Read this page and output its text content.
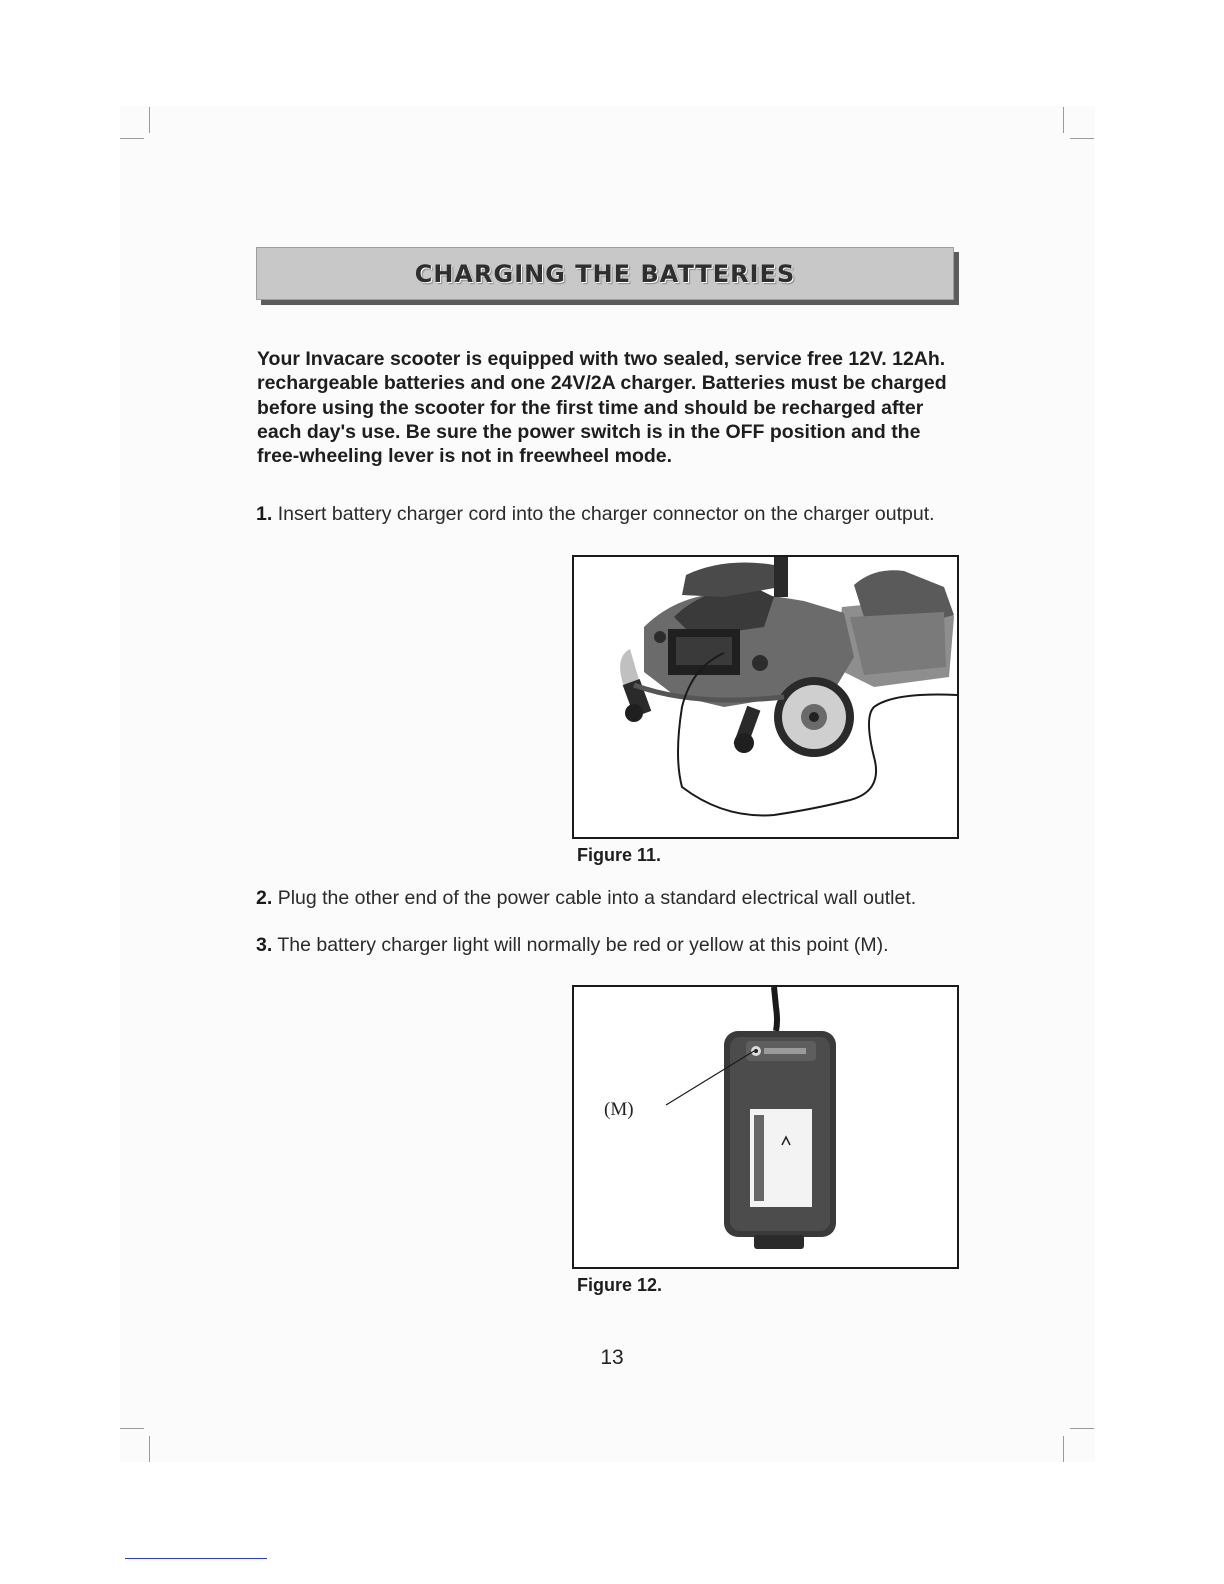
CHARGING THE BATTERIES
Your Invacare scooter is equipped with two sealed, service free 12V. 12Ah. rechargeable batteries and one 24V/2A charger. Batteries must be charged before using the scooter for the first time and should be recharged after each day's use. Be sure the power switch is in the OFF position and the free-wheeling lever is not in freewheel mode.
1. Insert battery charger cord into the charger connector on the charger output.
Figure 11.
2. Plug the other end of the power cable into a standard electrical wall outlet.
3. The battery charger light will normally be red or yellow at this point (M).
(M)
Figure 12.
13
